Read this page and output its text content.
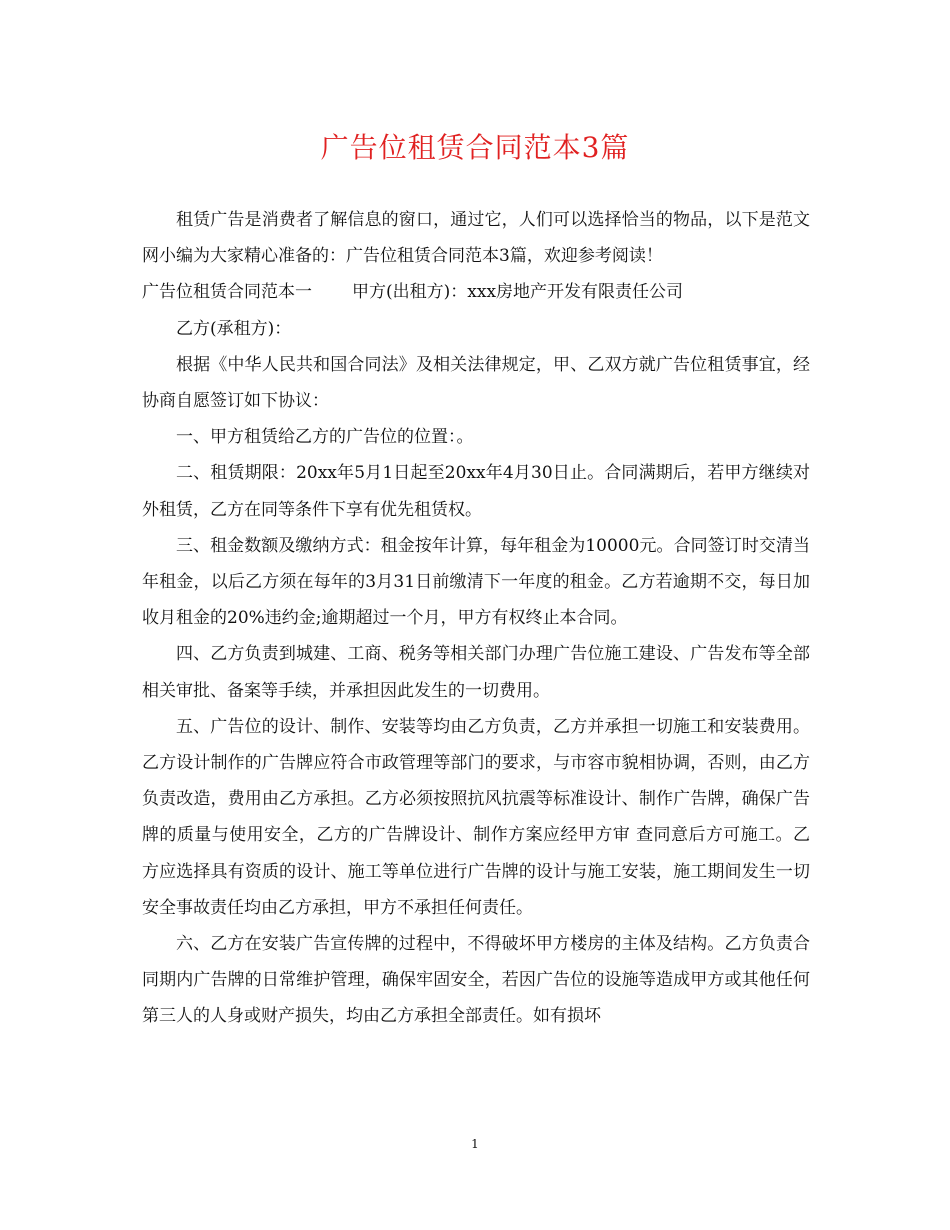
广告位租赁合同范本3篇

租赁广告是消费者了解信息的窗口，通过它，人们可以选择恰当的物品，以下是范文网小编为大家精心准备的：广告位租赁合同范本3篇，欢迎参考阅读！

广告位租赁合同范本一 甲方(出租方)：xxx房地产开发有限责任公司

乙方(承租方)：

根据《中华人民共和国合同法》及相关法律规定，甲、乙双方就广告位租赁事宜，经协商自愿签订如下协议：

一、甲方租赁给乙方的广告位的位置：。

二、租赁期限：20xx年5月1日起至20xx年4月30日止。合同满期后，若甲方继续对外租赁，乙方在同等条件下享有优先租赁权。

三、租金数额及缴纳方式：租金按年计算，每年租金为10000元。合同签订时交清当年租金，以后乙方须在每年的3月31日前缴清下一年度的租金。乙方若逾期不交，每日加收月租金的20%违约金;逾期超过一个月，甲方有权终止本合同。

四、乙方负责到城建、工商、税务等相关部门办理广告位施工建设、广告发布等全部相关审批、备案等手续，并承担因此发生的一切费用。

五、广告位的设计、制作、安装等均由乙方负责，乙方并承担一切施工和安装费用。乙方设计制作的广告牌应符合市政管理等部门的要求，与市容市貌相协调，否则，由乙方负责改造，费用由乙方承担。乙方必须按照抗风抗震等标准设计、制作广告牌，确保广告牌的质量与使用安全，乙方的广告牌设计、制作方案应经甲方审 查同意后方可施工。乙方应选择具有资质的设计、施工等单位进行广告牌的设计与施工安装，施工期间发生一切安全事故责任均由乙方承担，甲方不承担任何责任。

六、乙方在安装广告宣传牌的过程中，不得破坏甲方楼房的主体及结构。乙方负责合同期内广告牌的日常维护管理，确保牢固安全，若因广告位的设施等造成甲方或其他任何第三人的人身或财产损失，均由乙方承担全部责任。如有损坏

1
